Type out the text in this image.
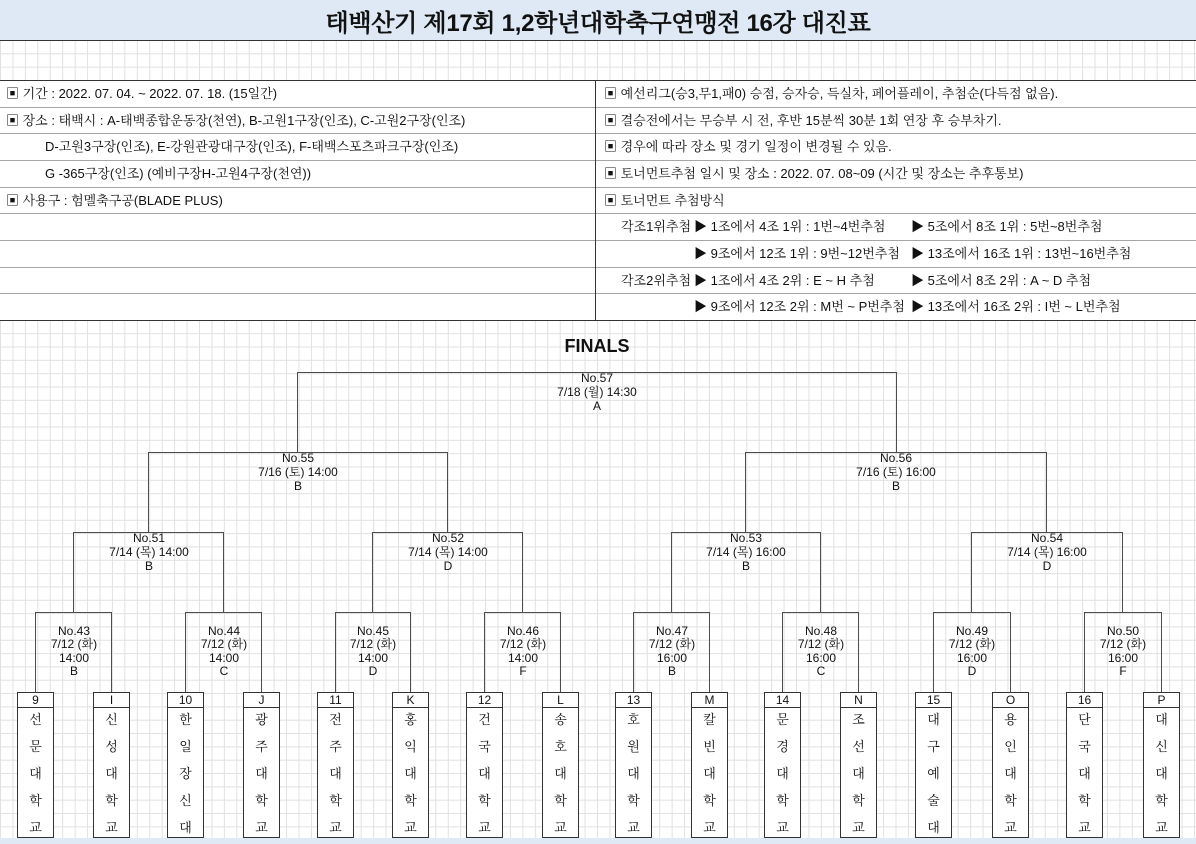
태백산기 제17회 1,2학년대학축구연맹전 16강 대진표
▣ 기간 : 2022. 07. 04. ~ 2022. 07. 18. (15일간)
▣ 장소 : 태백시 : A-태백종합운동장(천연), B-고원1구장(인조), C-고원2구장(인조)
D-고원3구장(인조), E-강원관광대구장(인조), F-태백스포츠파크구장(인조)
G -365구장(인조) (예비구장H-고원4구장(천연))
▣ 사용구 : 험멜축구공(BLADE PLUS)
▣ 예선리그(승3,무1,패0) 승점, 승자승, 득실차, 페어플레이, 추첨순(다득점 없음).
▣ 결승전에서는 무승부 시 전, 후반 15분씩 30분 1회 연장 후 승부차기.
▣ 경우에 따라 장소 및 경기 일정이 변경될 수 있음.
▣ 토너먼트추첨 일시 및 장소 : 2022. 07. 08~09 (시간 및 장소는 추후통보)
▣ 토너먼트 추첨방식
각조1위추첨 ▶ 1조에서 4조 1위 : 1번~4번추첨 ▶ 5조에서 8조 1위 : 5번~8번추첨
▶ 9조에서 12조 1위 : 9번~12번추첨 ▶ 13조에서 16조 1위 : 13번~16번추첨
각조2위추첨 ▶ 1조에서 4조 2위 : E ~ H 추첨	▶ 5조에서 8조 2위 : A ~ D 추첨
▶ 9조에서 12조 2위 : M번 ~ P번추첨 ▶ 13조에서 16조 2위 : I번 ~ L번추첨
FINALS
No.57
7/18 (월) 14:30
A
No.55
7/16 (토) 14:00
B
No.56
7/16 (토) 16:00
B
No.51
7/14 (목) 14:00
B
No.52
7/14 (목) 14:00
D
No.53
7/14 (목) 16:00
B
No.54
7/14 (목) 16:00
D
No.43
7/12 (화)
14:00
B
No.44
7/12 (화)
14:00
C
No.45
7/12 (화)
14:00
D
No.46
7/12 (화)
14:00
F
No.47
7/12 (화)
16:00
B
No.48
7/12 (화)
16:00
C
No.49
7/12 (화)
16:00
D
No.50
7/12 (화)
16:00
F
9
선문대학교
I
신성대학교
10
한일장신대
J
광주대학교
11
전주대학교
K
홍익대학교
12
건국대학교
L
송호대학교
13
호원대학교
M
칼빈대학교
14
문경대학교
N
조선대학교
15
대구예술대
O
용인대학교
16
단국대학교
P
대신대학교
